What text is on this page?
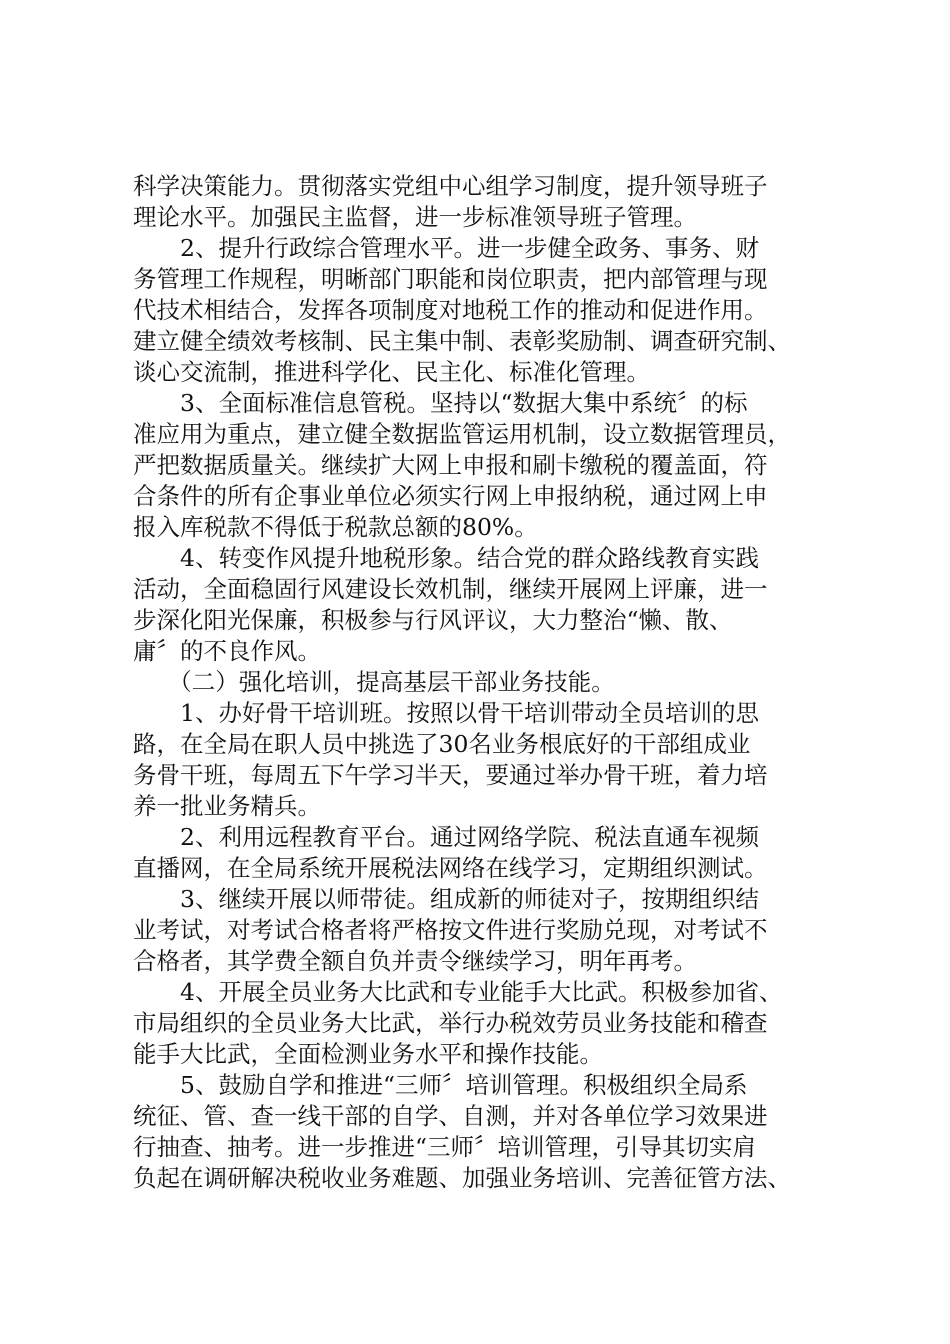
科学决策能力。贯彻落实党组中心组学习制度，提升领导班子
理论水平。加强民主监督，进一步标准领导班子管理。
　　2、提升行政综合管理水平。进一步健全政务、事务、财
务管理工作规程，明晰部门职能和岗位职责，把内部管理与现
代技术相结合，发挥各项制度对地税工作的推动和促进作用。
建立健全绩效考核制、民主集中制、表彰奖励制、调查研究制、
谈心交流制，推进科学化、民主化、标准化管理。
　　3、全面标准信息管税。坚持以“数据大集中系统〞的标
准应用为重点，建立健全数据监管运用机制，设立数据管理员，
严把数据质量关。继续扩大网上申报和刷卡缴税的覆盖面，符
合条件的所有企事业单位必须实行网上申报纳税，通过网上申
报入库税款不得低于税款总额的80%。
　　4、转变作风提升地税形象。结合党的群众路线教育实践
活动，全面稳固行风建设长效机制，继续开展网上评廉，进一
步深化阳光保廉，积极参与行风评议，大力整治“懒、散、
庸〞的不良作风。
　　（二）强化培训，提高基层干部业务技能。
　　1、办好骨干培训班。按照以骨干培训带动全员培训的思
路，在全局在职人员中挑选了30名业务根底好的干部组成业
务骨干班，每周五下午学习半天，要通过举办骨干班，着力培
养一批业务精兵。
　　2、利用远程教育平台。通过网络学院、税法直通车视频
直播网，在全局系统开展税法网络在线学习，定期组织测试。
　　3、继续开展以师带徒。组成新的师徒对子，按期组织结
业考试，对考试合格者将严格按文件进行奖励兑现，对考试不
合格者，其学费全额自负并责令继续学习，明年再考。
　　4、开展全员业务大比武和专业能手大比武。积极参加省、
市局组织的全员业务大比武，举行办税效劳员业务技能和稽查
能手大比武，全面检测业务水平和操作技能。
　　5、鼓励自学和推进“三师〞培训管理。积极组织全局系
统征、管、查一线干部的自学、自测，并对各单位学习效果进
行抽查、抽考。进一步推进“三师〞培训管理，引导其切实肩
负起在调研解决税收业务难题、加强业务培训、完善征管方法、
